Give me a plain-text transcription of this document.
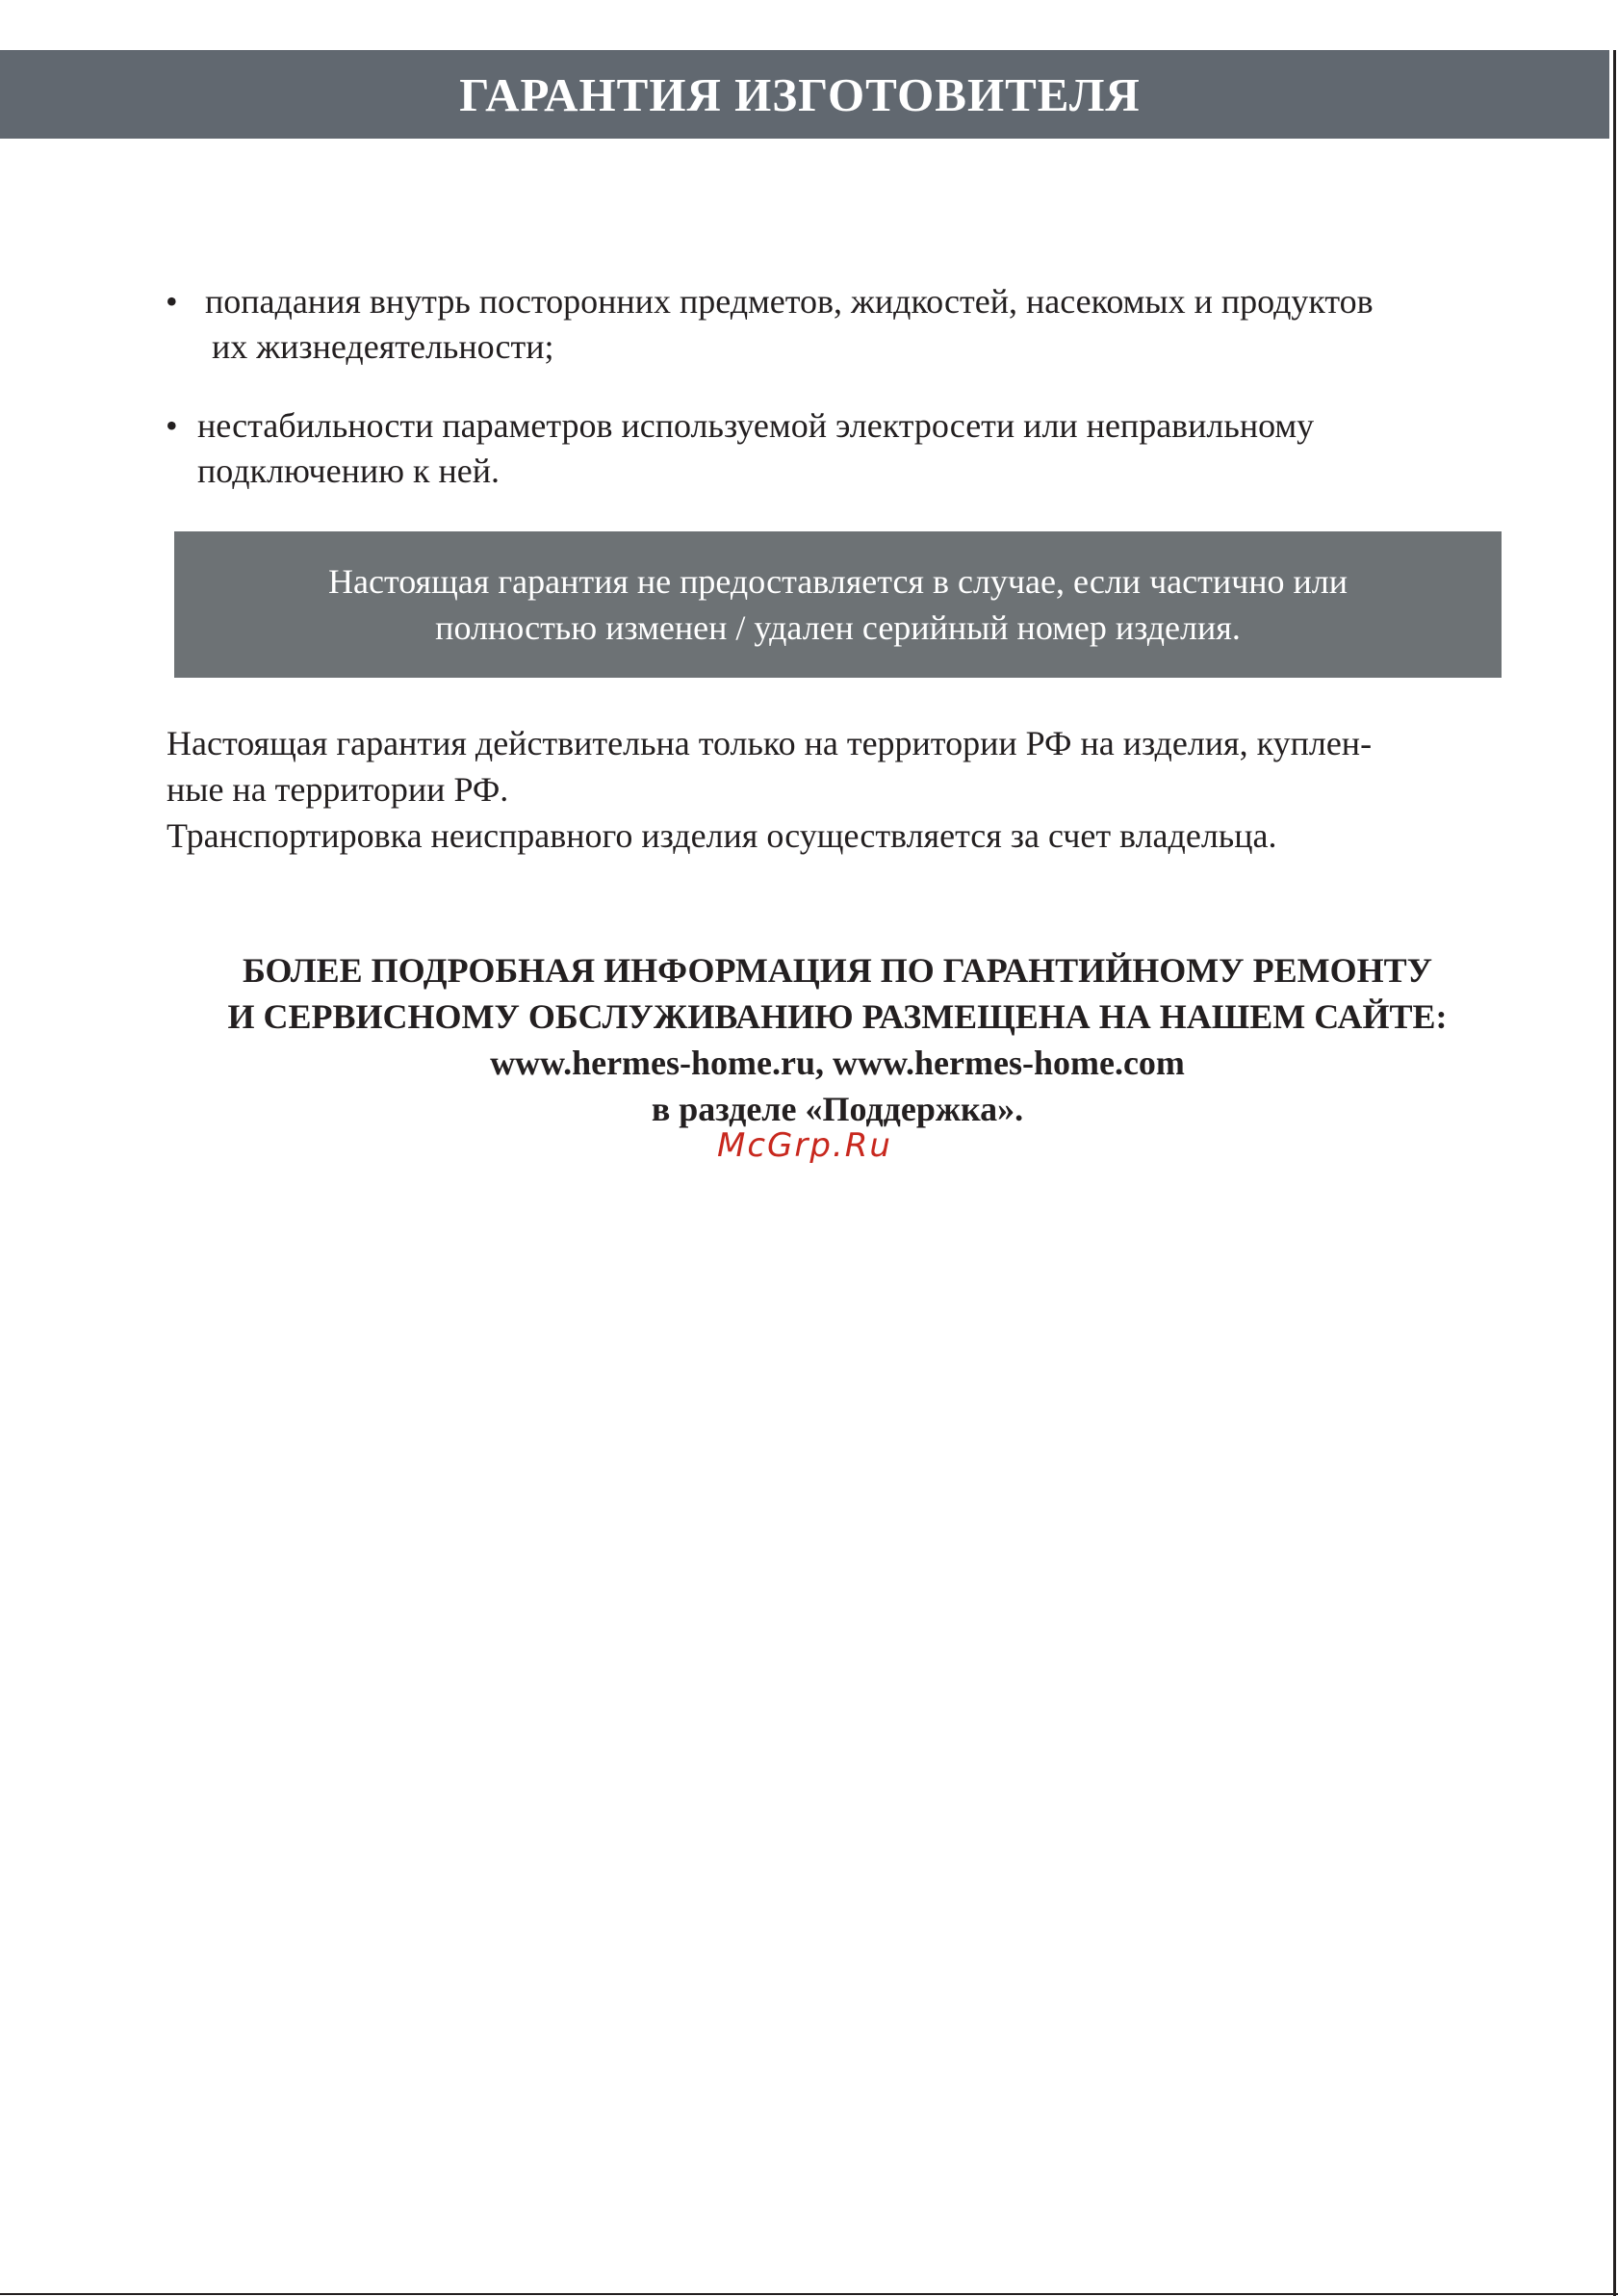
ГАРАНТИЯ ИЗГОТОВИТЕЛЯ
• попадания внутрь посторонних предметов, жидкостей, насекомых и продуктов
их жизнедеятельности;
• нестабильности параметров используемой электросети или неправильному
подключению к ней.
Настоящая гарантия не предоставляется в случае, если частично или
полностью изменен / удален серийный номер изделия.
Настоящая гарантия действительна только на территории РФ на изделия, куплен-
ные на территории РФ.
Транспортировка неисправного изделия осуществляется за счет владельца.
БОЛЕЕ ПОДРОБНАЯ ИНФОРМАЦИЯ ПО ГАРАНТИЙНОМУ РЕМОНТУ
И СЕРВИСНОМУ ОБСЛУЖИВАНИЮ РАЗМЕЩЕНА НА НАШЕМ САЙТЕ:
www.hermes-home.ru, www.hermes-home.com
в разделе «Поддержка».
McGrp.Ru
